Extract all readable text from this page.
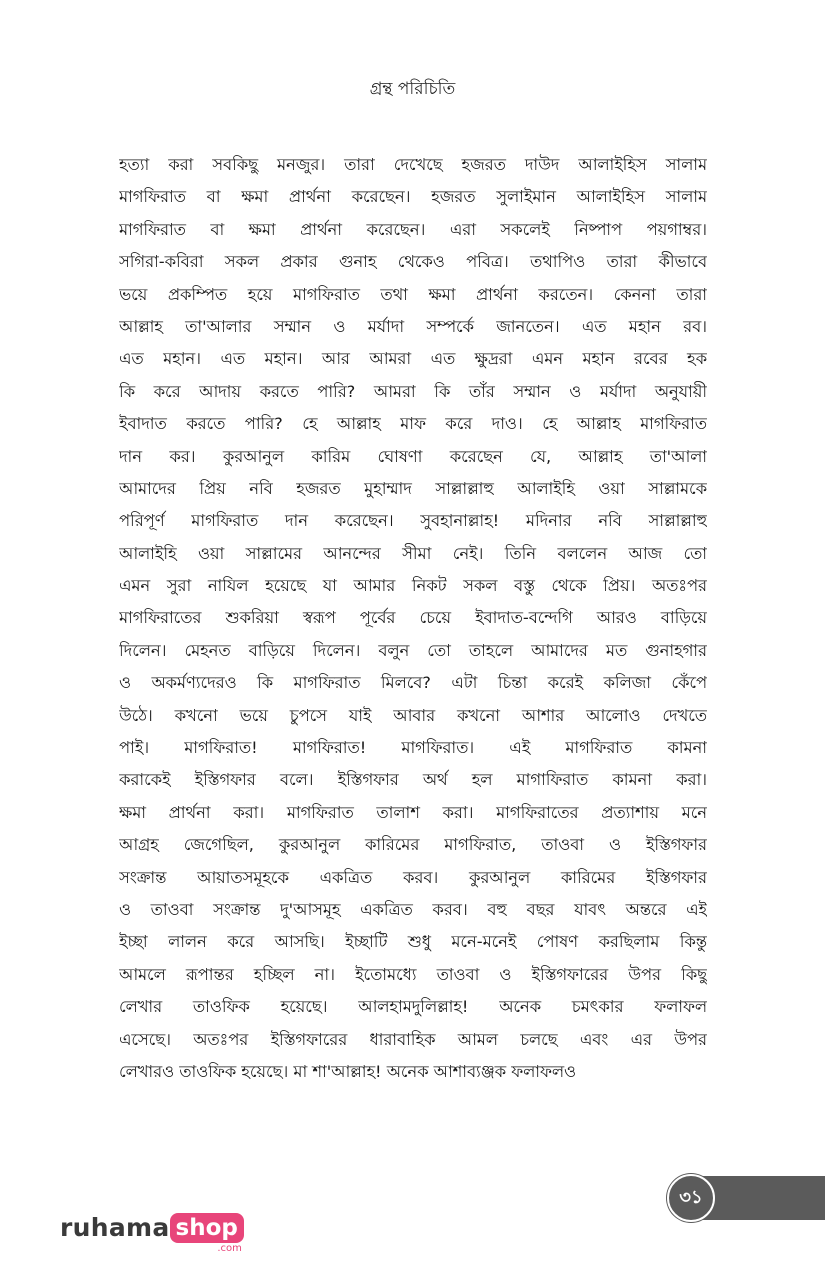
গ্রন্থ পরিচিতি
হত্যা করা সবকিছু মনজুর। তারা দেখেছে হজরত দাউদ আলাইহিস সালাম
মাগফিরাত বা ক্ষমা প্রার্থনা করেছেন। হজরত সুলাইমান আলাইহিস সালাম
মাগফিরাত বা ক্ষমা প্রার্থনা করেছেন। এরা সকলেই নিষ্পাপ পয়গাম্বর।
সগিরা-কবিরা সকল প্রকার গুনাহ থেকেও পবিত্র। তথাপিও তারা কীভাবে
ভয়ে প্রকম্পিত হয়ে মাগফিরাত তথা ক্ষমা প্রার্থনা করতেন। কেননা তারা
আল্লাহ তা'আলার সম্মান ও মর্যাদা সম্পর্কে জানতেন। এত মহান রব।
এত মহান। এত মহান। আর আমরা এত ক্ষুদ্ররা এমন মহান রবের হক
কি করে আদায় করতে পারি? আমরা কি তাঁর সম্মান ও মর্যাদা অনুযায়ী
ইবাদাত করতে পারি? হে আল্লাহ মাফ করে দাও। হে আল্লাহ মাগফিরাত
দান কর। কুরআনুল কারিম ঘোষণা করেছেন যে, আল্লাহ তা'আলা
আমাদের প্রিয় নবি হজরত মুহাম্মাদ সাল্লাল্লাহু আলাইহি ওয়া সাল্লামকে
পরিপূর্ণ মাগফিরাত দান করেছেন। সুবহানাল্লাহ! মদিনার নবি সাল্লাল্লাহু
আলাইহি ওয়া সাল্লামের আনন্দের সীমা নেই। তিনি বললেন আজ তো
এমন সুরা নাযিল হয়েছে যা আমার নিকট সকল বস্তু থেকে প্রিয়। অতঃপর
মাগফিরাতের শুকরিয়া স্বরূপ পূর্বের চেয়ে ইবাদাত-বন্দেগি আরও বাড়িয়ে
দিলেন। মেহনত বাড়িয়ে দিলেন। বলুন তো তাহলে আমাদের মত গুনাহগার
ও অকর্মণ্যদেরও কি মাগফিরাত মিলবে? এটা চিন্তা করেই কলিজা কেঁপে
উঠে। কখনো ভয়ে চুপসে যাই আবার কখনো আশার আলোও দেখতে
পাই। মাগফিরাত! মাগফিরাত! মাগফিরাত। এই মাগফিরাত কামনা
করাকেই ইস্তিগফার বলে। ইস্তিগফার অর্থ হল মাগাফিরাত কামনা করা।
ক্ষমা প্রার্থনা করা। মাগফিরাত তালাশ করা। মাগফিরাতের প্রত্যাশায় মনে
আগ্রহ জেগেছিল, কুরআনুল কারিমের মাগফিরাত, তাওবা ও ইস্তিগফার
সংক্রান্ত আয়াতসমূহকে একত্রিত করব। কুরআনুল কারিমের ইস্তিগফার
ও তাওবা সংক্রান্ত দু'আসমূহ একত্রিত করব। বহু বছর যাবৎ অন্তরে এই
ইচ্ছা লালন করে আসছি। ইচ্ছাটি শুধু মনে-মনেই পোষণ করছিলাম কিন্তু
আমলে রূপান্তর হচ্ছিল না। ইতোমধ্যে তাওবা ও ইস্তিগফারের উপর কিছু
লেখার তাওফিক হয়েছে। আলহামদুলিল্লাহ! অনেক চমৎকার ফলাফল
এসেছে। অতঃপর ইস্তিগফারের ধারাবাহিক আমল চলছে এবং এর উপর
লেখারও তাওফিক হয়েছে। মা শা'আল্লাহ! অনেক আশাব্যঞ্জক ফলাফলও
৩১
ruhama shop
.com
